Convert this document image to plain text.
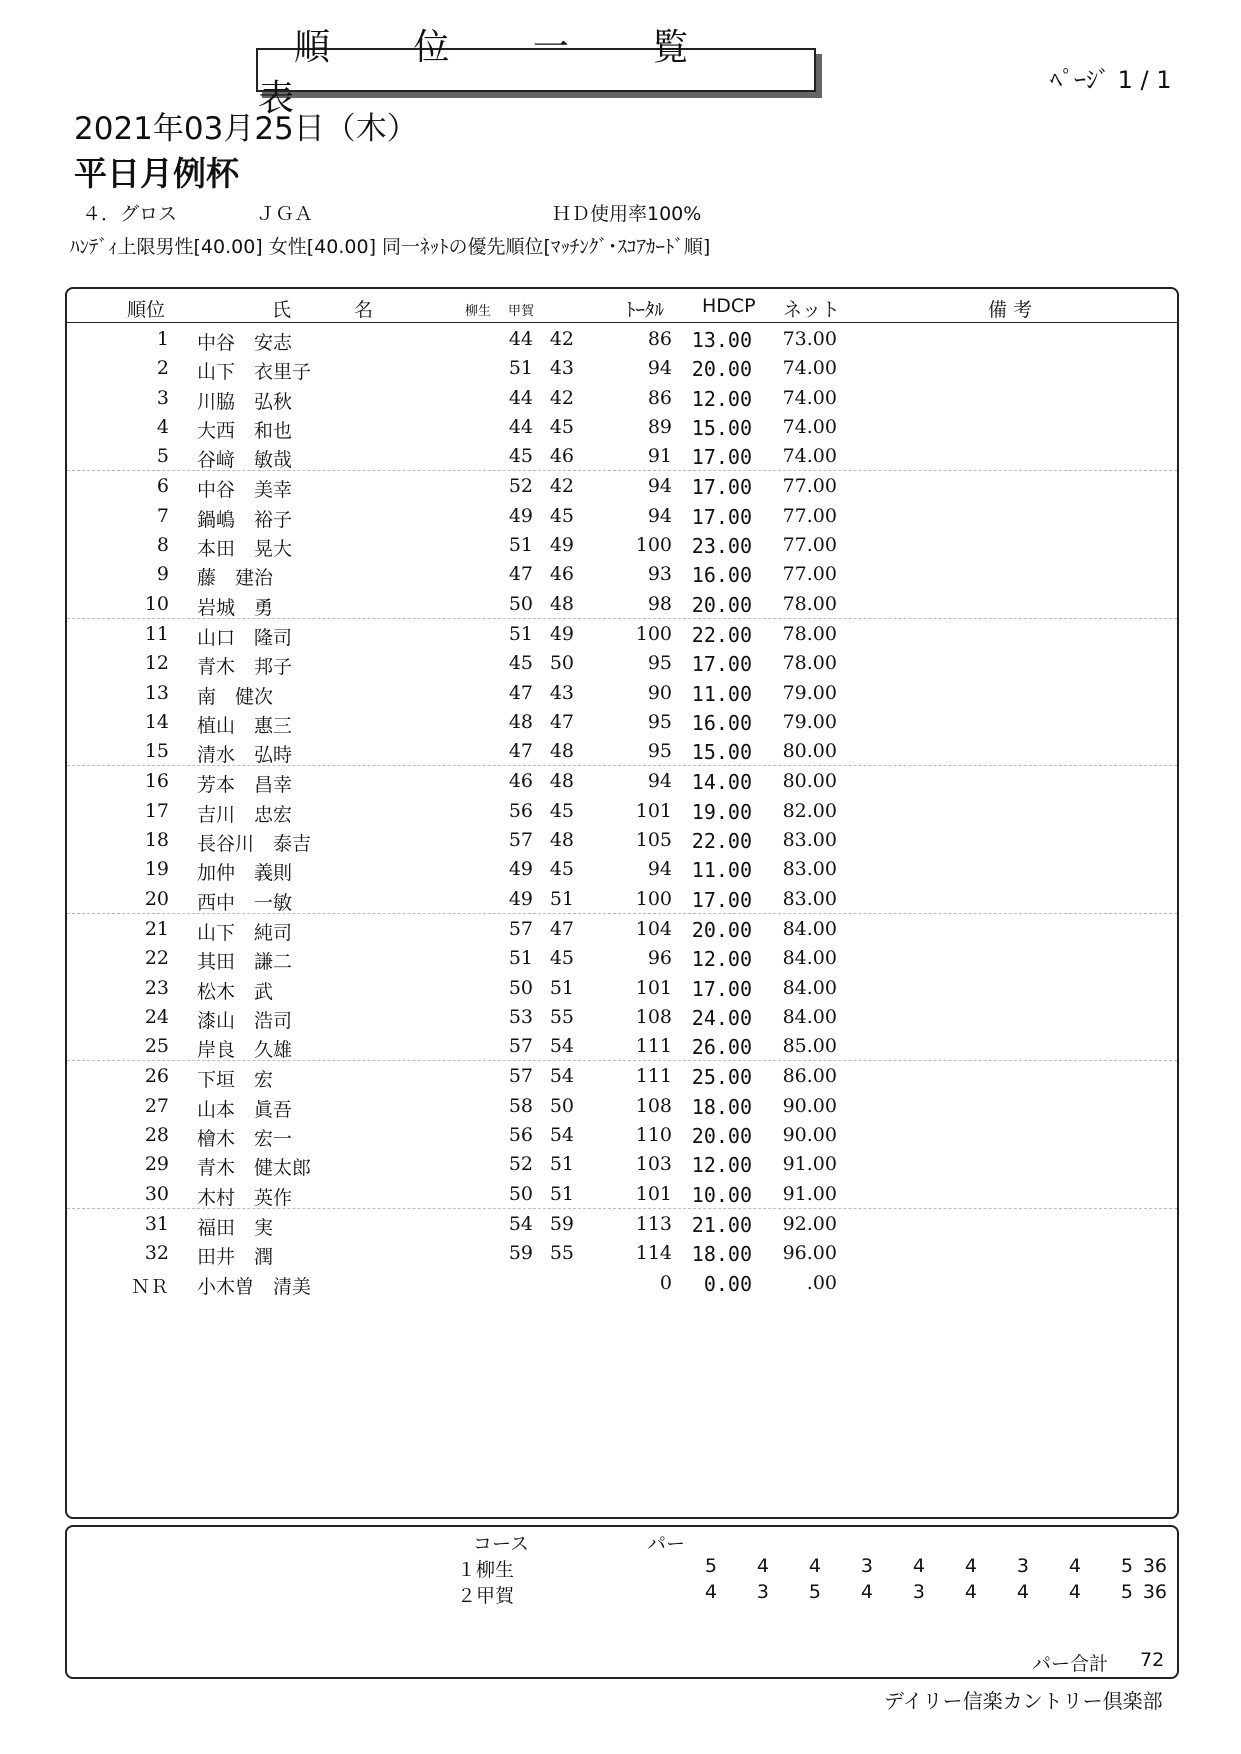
順 位 一 覧 表	ﾍﾟｰｼﾞ 1 / 1
2021年03月25日（木）
平日月例杯
４．グロス	ＪＧＡ	ＨＤ使用率100%
ﾊﾝﾃﾞｨ上限男性[40.00] 女性[40.00] 同一ﾈｯﾄの優先順位[ﾏｯﾁﾝｸﾞ･ｽｺｱｶｰﾄﾞ順]
順位	氏	名	柳生 甲賀	ﾄｰﾀﾙ HDCP ネット	備 考
1 中谷　安志	44 42	86 13.00 73.00
2 山下　衣里子	51 43	94 20.00 74.00
3 川脇　弘秋	44 42	86 12.00 74.00
4 大西　和也	44 45	89 15.00 74.00
5 谷﨑　敏哉	45 46	91 17.00 74.00
6 中谷　美幸	52 42	94 17.00 77.00
7 鍋嶋　裕子	49 45	94 17.00 77.00
8 本田　晃大	51 49	100 23.00 77.00
9 藤　建治	47 46	93 16.00 77.00
10 岩城　勇	50 48	98 20.00 78.00
11 山口　隆司	51 49	100 22.00 78.00
12 青木　邦子	45 50	95 17.00 78.00
13 南　健次	47 43	90 11.00 79.00
14 植山　惠三	48 47	95 16.00 79.00
15 清水　弘時	47 48	95 15.00 80.00
16 芳本　昌幸	46 48	94 14.00 80.00
17 吉川　忠宏	56 45	101 19.00 82.00
18 長谷川　泰吉	57 48	105 22.00 83.00
19 加仲　義則	49 45	94 11.00 83.00
20 西中　一敏	49 51	100 17.00 83.00
21 山下　純司	57 47	104 20.00 84.00
22 其田　謙二	51 45	96 12.00 84.00
23 松木　武	50 51	101 17.00 84.00
24 漆山　浩司	53 55	108 24.00 84.00
25 岸良　久雄	57 54	111 26.00 85.00
26 下垣　宏	57 54	111 25.00 86.00
27 山本　眞吾	58 50	108 18.00 90.00
28 檜木　宏一	56 54	110 20.00 90.00
29 青木　健太郎	52 51	103 12.00 91.00
30 木村　英作	50 51	101 10.00 91.00
31 福田　実	54 59	113 21.00 92.00
32 田井　潤	59 55	114 18.00 96.00
ＮＲ 小木曽　清美	0 0.00	.00
コース	パー
１柳生	5	4	4	3	4	4	3	4	5 36
２甲賀	4	3	5	4	3	4	4	4	5 36
パー合計 72
デイリー信楽カントリー倶楽部
